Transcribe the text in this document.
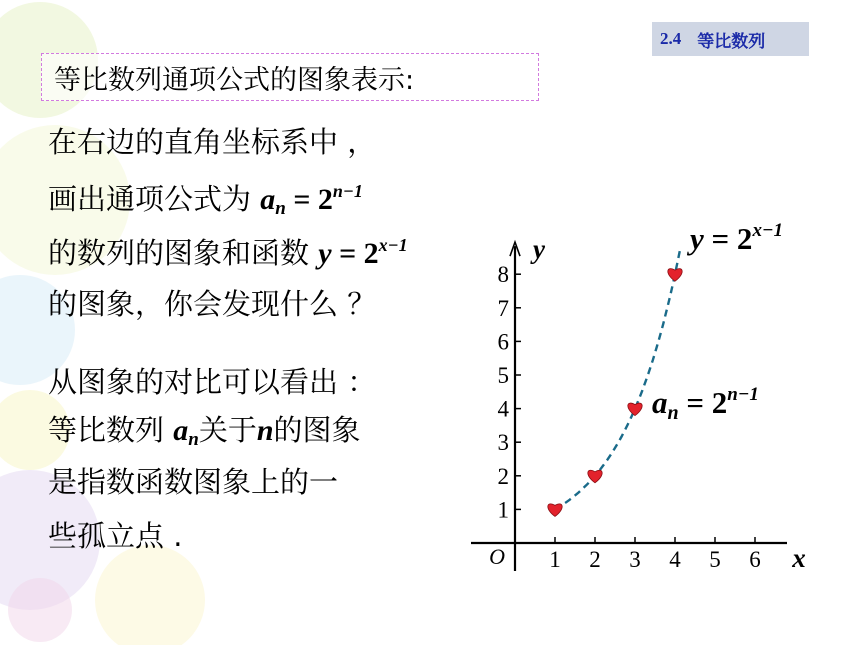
2.4 等比数列
等比数列通项公式的图象表示:
在右边的直角坐标系中 ，
画出通项公式为 $a_n = 2^{n-1}$
的数列的图象和函数 $y = 2^{x-1}$
的图象，你会发现什么 ？
从图象的对比可以看出 ：
等比数列 $a_n$关于n的图象
是指数函数图象上的一
些孤立点 .
1
2
3
4
5
6
7
8
1 2 3 4 5 6
O	x
y	$y = 2^{x-1}$
$a_n = 2^{n-1}$
